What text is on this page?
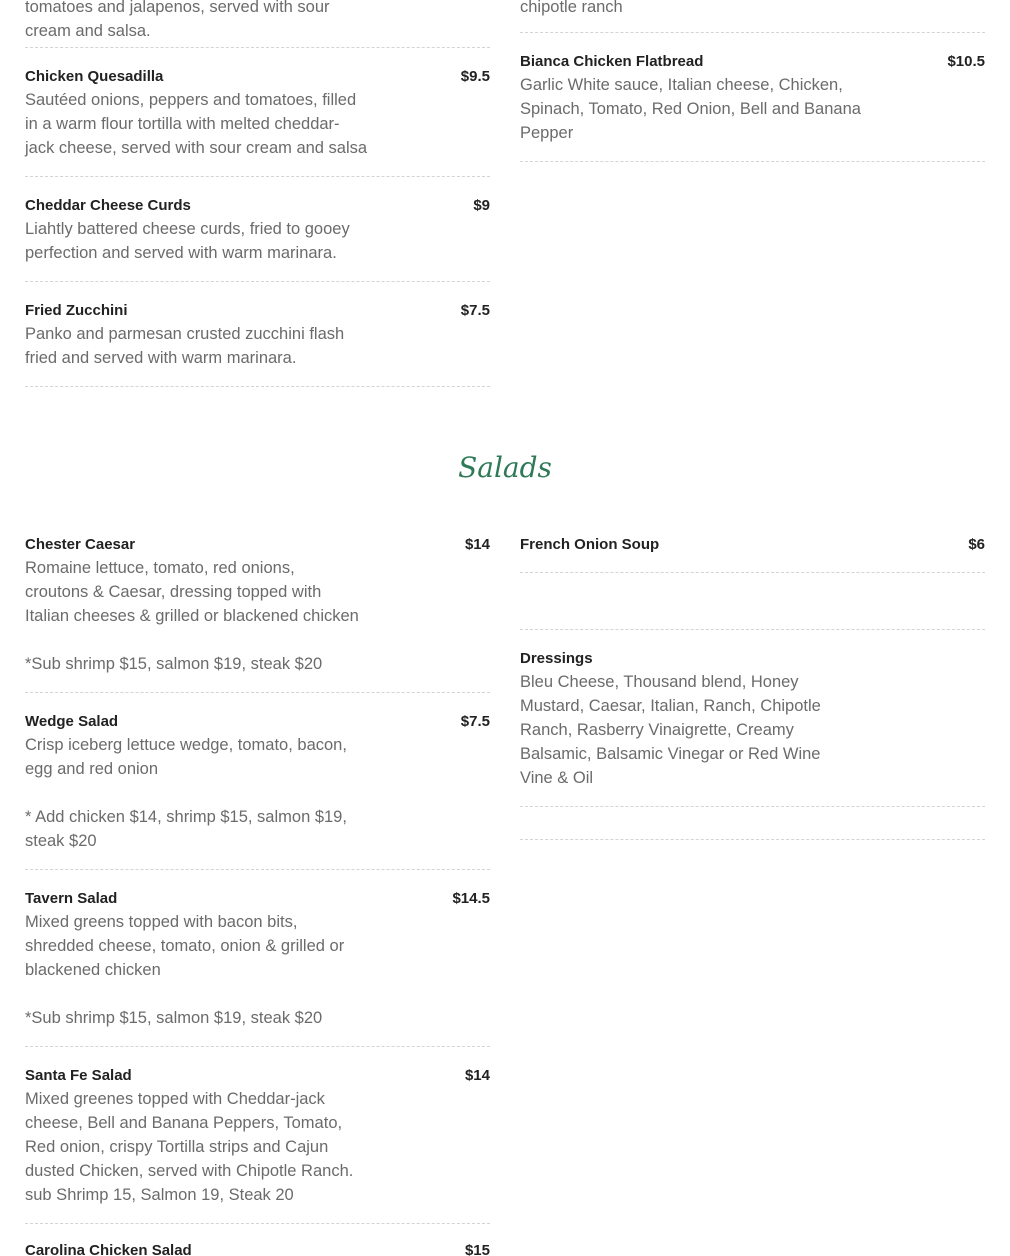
tomatoes and jalapenos, served with sour
cream and salsa.
Chicken Quesadilla	$9.5
Sautéed onions, peppers and tomatoes, filled
in a warm flour tortilla with melted cheddar-
jack cheese, served with sour cream and salsa
Cheddar Cheese Curds	$9
Liahtly battered cheese curds, fried to gooey
perfection and served with warm marinara.
Fried Zucchini	$7.5
Panko and parmesan crusted zucchini flash
fried and served with warm marinara.
chipotle ranch
Bianca Chicken Flatbread	$10.5
Garlic White sauce, Italian cheese, Chicken,
Spinach, Tomato, Red Onion, Bell and Banana
Pepper
Salads
Chester Caesar	$14
Romaine lettuce, tomato, red onions,
croutons & Caesar, dressing topped with
Italian cheeses & grilled or blackened chicken

*Sub shrimp $15, salmon $19, steak $20
Wedge Salad	$7.5
Crisp iceberg lettuce wedge, tomato, bacon,
egg and red onion

* Add chicken $14, shrimp $15, salmon $19,
steak $20
Tavern Salad	$14.5
Mixed greens topped with bacon bits,
shredded cheese, tomato, onion & grilled or
blackened chicken

*Sub shrimp $15, salmon $19, steak $20
Santa Fe Salad	$14
Mixed greenes topped with Cheddar-jack
cheese, Bell and Banana Peppers, Tomato,
Red onion, crispy Tortilla strips and Cajun
dusted Chicken, served with Chipotle Ranch.
sub Shrimp 15, Salmon 19, Steak 20
Carolina Chicken Salad	$15
French Onion Soup	$6
Dressings
Bleu Cheese, Thousand blend, Honey
Mustard, Caesar, Italian, Ranch, Chipotle
Ranch, Rasberry Vinaigrette, Creamy
Balsamic, Balsamic Vinegar or Red Wine
Vine & Oil
